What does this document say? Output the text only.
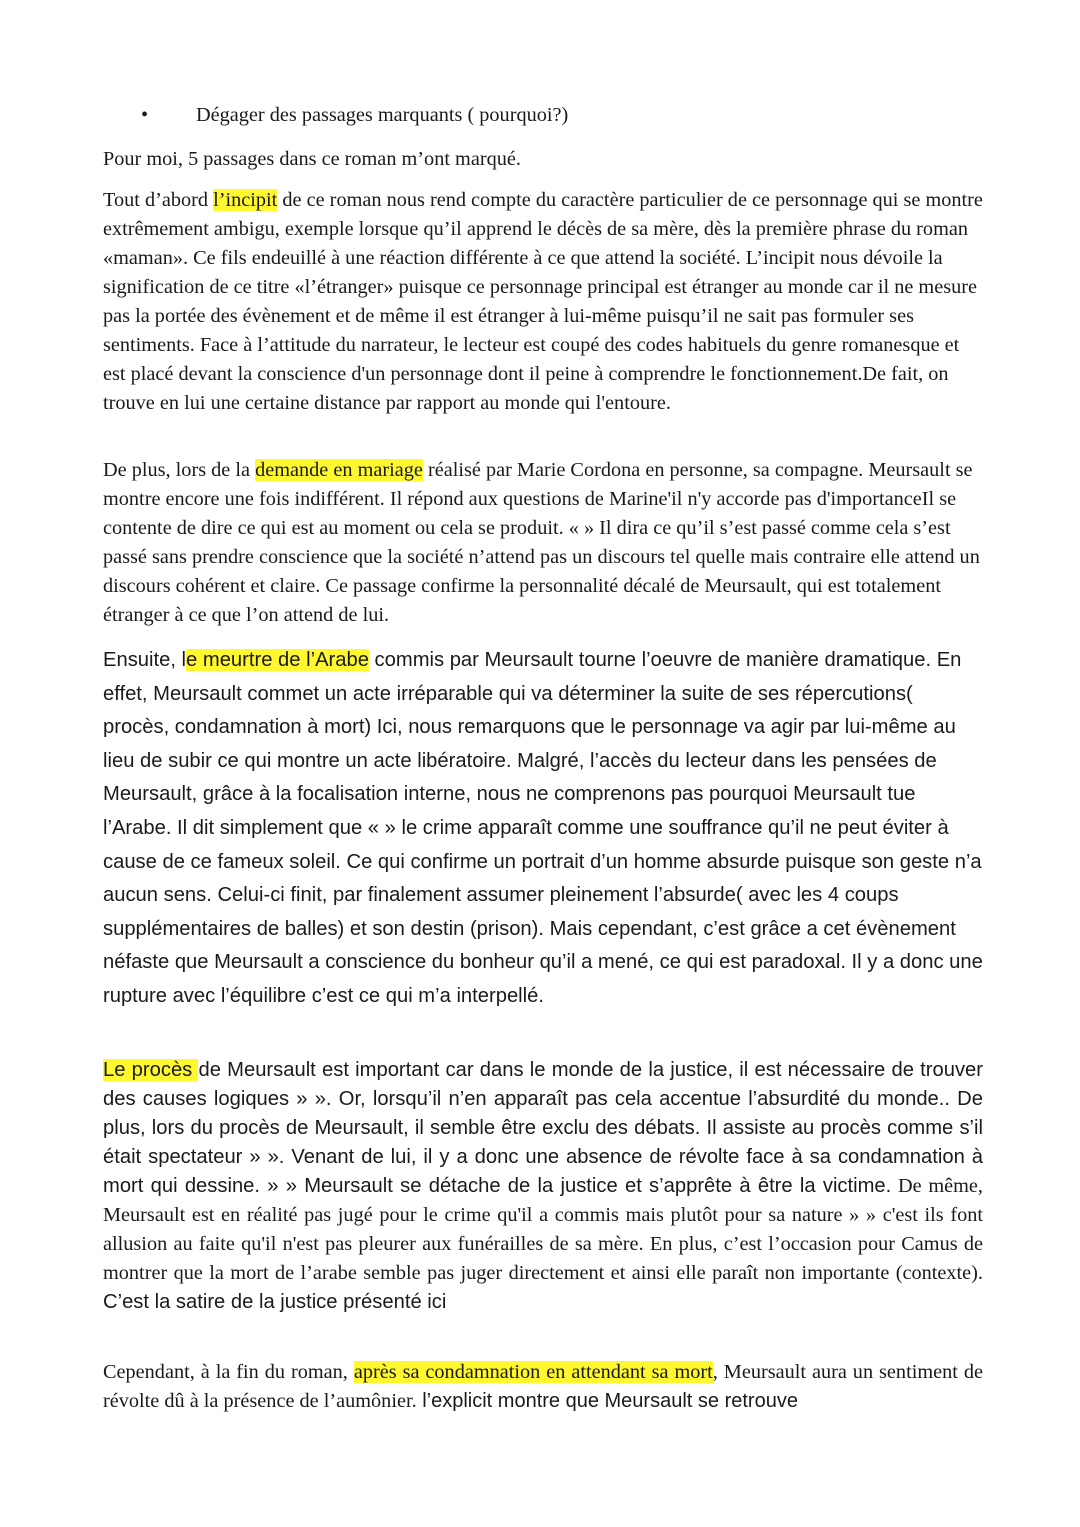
• Dégager des passages marquants ( pourquoi?)

Pour moi, 5 passages dans ce roman m’ont marqué.

Tout d’abord l’incipit de ce roman nous rend compte du caractère particulier de ce personnage qui se montre extrêmement ambigu, exemple lorsque qu’il apprend le décès de sa mère, dès la première phrase du roman «maman». Ce fils endeuillé à une réaction différente à ce que attend la société. L’incipit nous dévoile la signification de ce titre «l’étranger» puisque ce personnage principal est étranger au monde car il ne mesure pas la portée des évènement et de même il est étranger à lui-même puisqu’il ne sait pas formuler ses sentiments. Face à l’attitude du narrateur, le lecteur est coupé des codes habituels du genre romanesque et est placé devant la conscience d'un personnage dont il peine à comprendre le fonctionnement.De fait, on trouve en lui une certaine distance par rapport au monde qui l'entoure.

De plus, lors de la demande en mariage réalisé par Marie Cordona en personne, sa compagne. Meursault se montre encore une fois indifférent. Il répond aux questions de Marine'il n'y accorde pas d'importanceIl se contente de dire ce qui est au moment ou cela se produit. « » Il dira ce qu’il s’est passé comme cela s’est passé sans prendre conscience que la société n’attend pas un discours tel quelle mais contraire elle attend un discours cohérent et claire. Ce passage confirme la personnalité décalé de Meursault, qui est totalement étranger à ce que l’on attend de lui.

Ensuite, le meurtre de l’Arabe commis par Meursault tourne l’oeuvre de manière dramatique. En effet, Meursault commet un acte irréparable qui va déterminer la suite de ses répercutions( procès, condamnation à mort) Ici, nous remarquons que le personnage va agir par lui-même au lieu de subir ce qui montre un acte libératoire. Malgré, l’accès du lecteur dans les pensées de Meursault, grâce à la focalisation interne, nous ne comprenons pas pourquoi Meursault tue l’Arabe. Il dit simplement que « » le crime apparaît comme une souffrance qu’il ne peut éviter à cause de ce fameux soleil. Ce qui confirme un portrait d’un homme absurde puisque son geste n’a aucun sens. Celui-ci finit, par finalement assumer pleinement l’absurde( avec les 4 coups supplémentaires de balles) et son destin (prison). Mais cependant, c’est grâce a cet évènement néfaste que Meursault a conscience du bonheur qu’il a mené, ce qui est paradoxal. Il y a donc une rupture avec l’équilibre c’est ce qui m’a interpellé.

Le procès de Meursault est important car dans le monde de la justice, il est nécessaire de trouver des causes logiques » ». Or, lorsqu’il n’en apparaît pas cela accentue l’absurdité du monde.. De plus, lors du procès de Meursault, il semble être exclu des débats. Il assiste au procès comme s’il était spectateur » ». Venant de lui, il y a donc une absence de révolte face à sa condamnation à mort qui dessine. » » Meursault se détache de la justice et s’apprête à être la victime. De même, Meursault est en réalité pas jugé pour le crime qu'il a commis mais plutôt pour sa nature » » c'est ils font allusion au faite qu'il n'est pas pleurer aux funérailles de sa mère. En plus, c’est l’occasion pour Camus de montrer que la mort de l’arabe semble pas juger directement et ainsi elle paraît non importante (contexte). C’est la satire de la justice présenté ici

Cependant, à la fin du roman, après sa condamnation en attendant sa mort, Meursault aura un sentiment de révolte dû à la présence de l’aumônier. l’explicit montre que Meursault se retrouve
